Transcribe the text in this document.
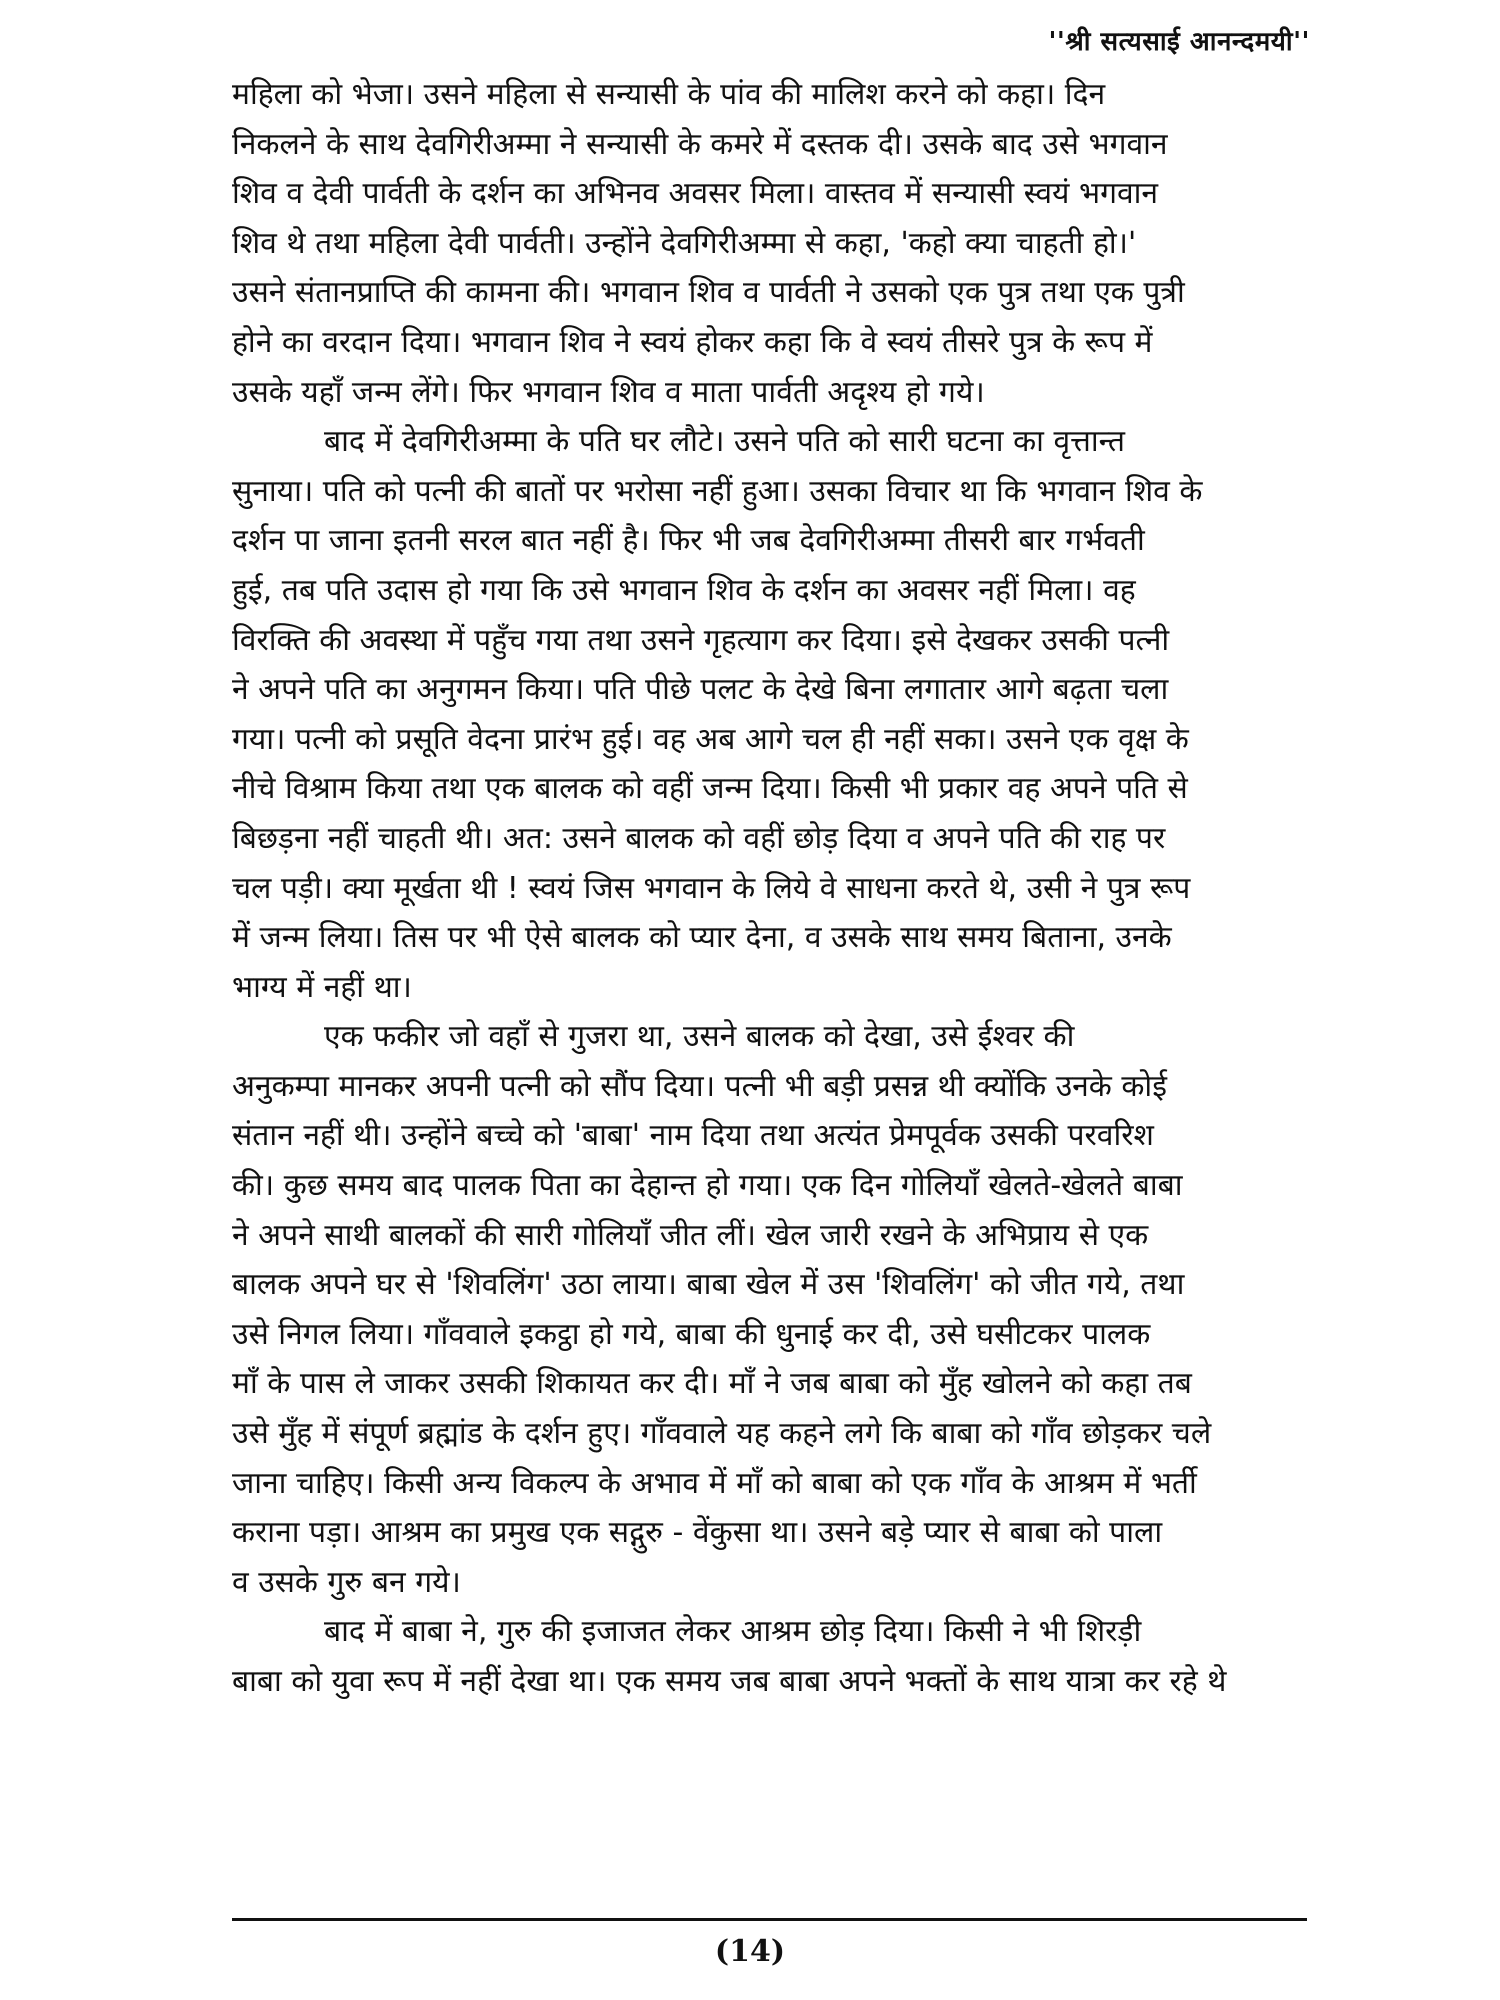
''श्री सत्यसाई आनन्दमयी''
महिला को भेजा। उसने महिला से सन्यासी के पांव की मालिश करने को कहा। दिन
निकलने के साथ देवगिरीअम्मा ने सन्यासी के कमरे में दस्तक दी। उसके बाद उसे भगवान
शिव व देवी पार्वती के दर्शन का अभिनव अवसर मिला। वास्तव में सन्यासी स्वयं भगवान
शिव थे तथा महिला देवी पार्वती। उन्होंने देवगिरीअम्मा से कहा, 'कहो क्या चाहती हो।'
उसने संतानप्राप्ति की कामना की। भगवान शिव व पार्वती ने उसको एक पुत्र तथा एक पुत्री
होने का वरदान दिया। भगवान शिव ने स्वयं होकर कहा कि वे स्वयं तीसरे पुत्र के रूप में
उसके यहाँ जन्म लेंगे। फिर भगवान शिव व माता पार्वती अदृश्य हो गये।
बाद में देवगिरीअम्मा के पति घर लौटे। उसने पति को सारी घटना का वृत्तान्त
सुनाया। पति को पत्नी की बातों पर भरोसा नहीं हुआ। उसका विचार था कि भगवान शिव के
दर्शन पा जाना इतनी सरल बात नहीं है। फिर भी जब देवगिरीअम्मा तीसरी बार गर्भवती
हुई, तब पति उदास हो गया कि उसे भगवान शिव के दर्शन का अवसर नहीं मिला। वह
विरक्ति की अवस्था में पहुँच गया तथा उसने गृहत्याग कर दिया। इसे देखकर उसकी पत्नी
ने अपने पति का अनुगमन किया। पति पीछे पलट के देखे बिना लगातार आगे बढ़ता चला
गया। पत्नी को प्रसूति वेदना प्रारंभ हुई। वह अब आगे चल ही नहीं सका। उसने एक वृक्ष के
नीचे विश्राम किया तथा एक बालक को वहीं जन्म दिया। किसी भी प्रकार वह अपने पति से
बिछड़ना नहीं चाहती थी। अत: उसने बालक को वहीं छोड़ दिया व अपने पति की राह पर
चल पड़ी। क्या मूर्खता थी ! स्वयं जिस भगवान के लिये वे साधना करते थे, उसी ने पुत्र रूप
में जन्म लिया। तिस पर भी ऐसे बालक को प्यार देना, व उसके साथ समय बिताना, उनके
भाग्य में नहीं था।
एक फकीर जो वहाँ से गुजरा था, उसने बालक को देखा, उसे ईश्वर की
अनुकम्पा मानकर अपनी पत्नी को सौंप दिया। पत्नी भी बड़ी प्रसन्न थी क्योंकि उनके कोई
संतान नहीं थी। उन्होंने बच्चे को 'बाबा' नाम दिया तथा अत्यंत प्रेमपूर्वक उसकी परवरिश
की। कुछ समय बाद पालक पिता का देहान्त हो गया। एक दिन गोलियाँ खेलते-खेलते बाबा
ने अपने साथी बालकों की सारी गोलियाँ जीत लीं। खेल जारी रखने के अभिप्राय से एक
बालक अपने घर से 'शिवलिंग' उठा लाया। बाबा खेल में उस 'शिवलिंग' को जीत गये, तथा
उसे निगल लिया। गाँववाले इकट्ठा हो गये, बाबा की धुनाई कर दी, उसे घसीटकर पालक
माँ के पास ले जाकर उसकी शिकायत कर दी। माँ ने जब बाबा को मुँह खोलने को कहा तब
उसे मुँह में संपूर्ण ब्रह्मांड के दर्शन हुए। गाँववाले यह कहने लगे कि बाबा को गाँव छोड़कर चले
जाना चाहिए। किसी अन्य विकल्प के अभाव में माँ को बाबा को एक गाँव के आश्रम में भर्ती
कराना पड़ा। आश्रम का प्रमुख एक सद्गुरु - वेंकुसा था। उसने बड़े प्यार से बाबा को पाला
व उसके गुरु बन गये।
बाद में बाबा ने, गुरु की इजाजत लेकर आश्रम छोड़ दिया। किसी ने भी शिरड़ी
बाबा को युवा रूप में नहीं देखा था। एक समय जब बाबा अपने भक्तों के साथ यात्रा कर रहे थे
(14)
